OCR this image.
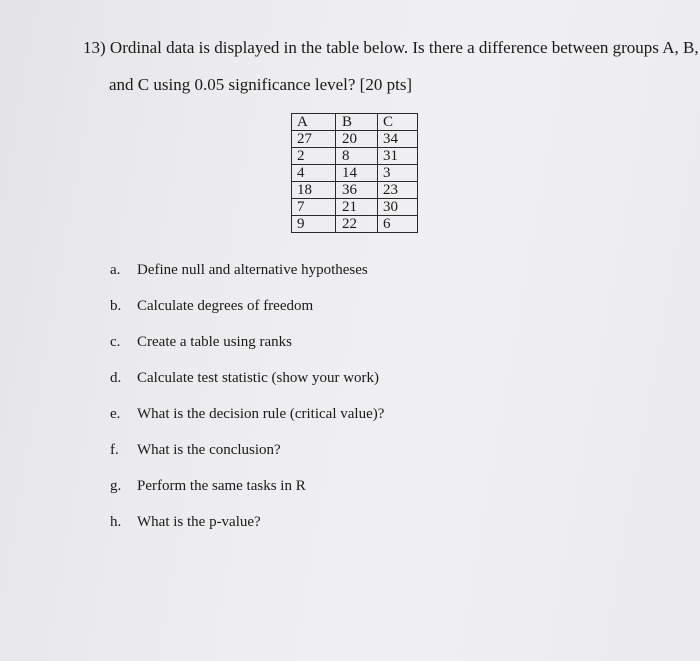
13) Ordinal data is displayed in the table below. Is there a difference between groups A, B,
and C using 0.05 significance level? [20 pts]
A	B	C
27	20	34
2	8	31
4	14	3
18	36	23
7	21	30
9	22	6
a.	Define null and alternative hypotheses
b.	Calculate degrees of freedom
c.	Create a table using ranks
d.	Calculate test statistic (show your work)
e.	What is the decision rule (critical value)?
f.	What is the conclusion?
g.	Perform the same tasks in R
h.	What is the p-value?
